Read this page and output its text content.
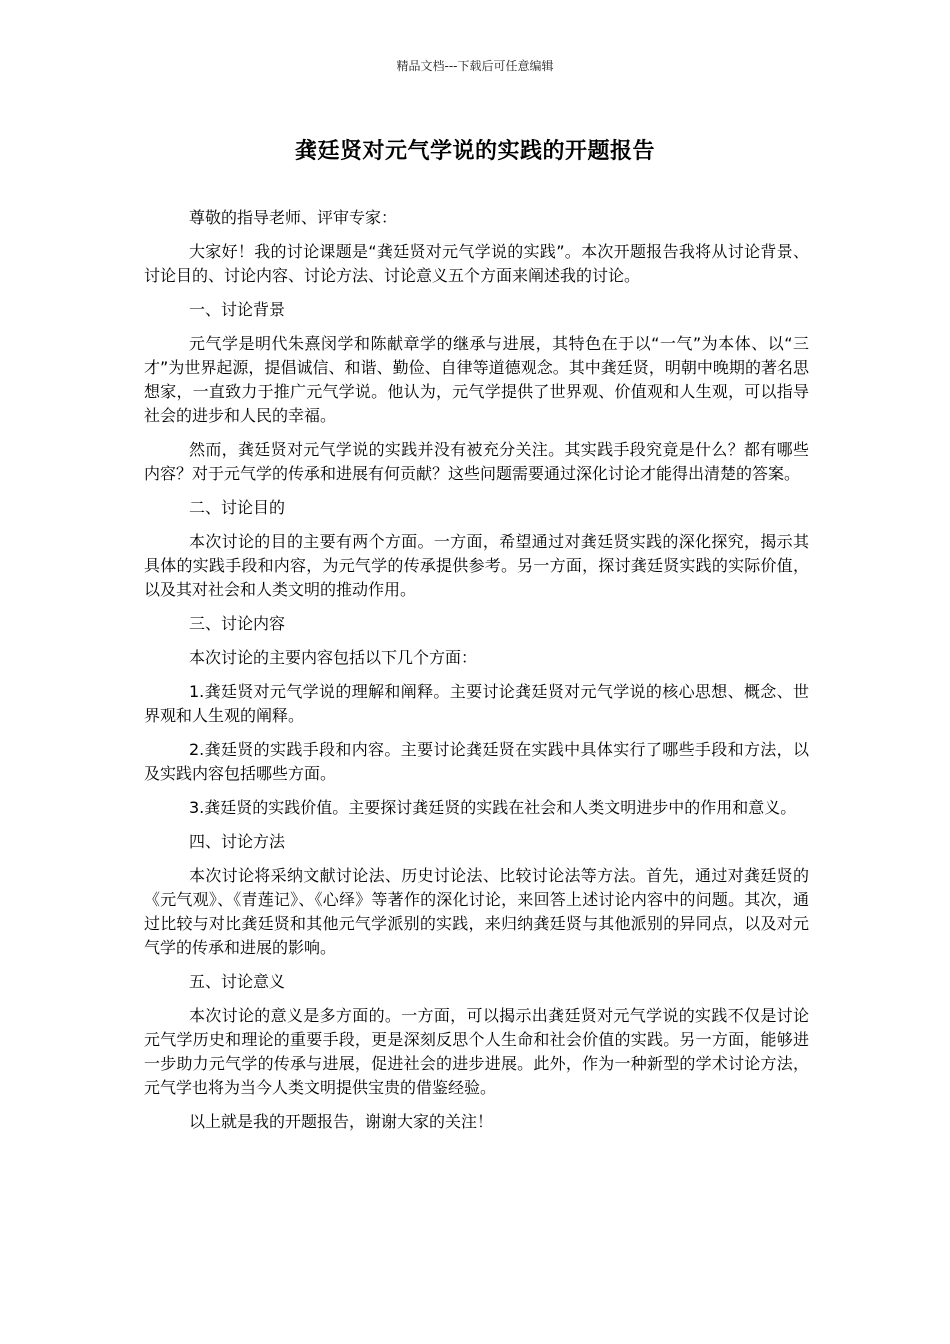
精品文档---下载后可任意编辑
龚廷贤对元气学说的实践的开题报告

尊敬的指导老师、评审专家：

大家好！我的讨论课题是“龚廷贤对元气学说的实践”。本次开题报告我将从讨论背景、讨论目的、讨论内容、讨论方法、讨论意义五个方面来阐述我的讨论。

一、讨论背景

元气学是明代朱熹闵学和陈献章学的继承与进展，其特色在于以“一气”为本体、以“三才”为世界起源，提倡诚信、和谐、勤俭、自律等道德观念。其中龚廷贤，明朝中晚期的著名思想家，一直致力于推广元气学说。他认为，元气学提供了世界观、价值观和人生观，可以指导社会的进步和人民的幸福。

然而，龚廷贤对元气学说的实践并没有被充分关注。其实践手段究竟是什么？都有哪些内容？对于元气学的传承和进展有何贡献？这些问题需要通过深化讨论才能得出清楚的答案。

二、讨论目的

本次讨论的目的主要有两个方面。一方面，希望通过对龚廷贤实践的深化探究，揭示其具体的实践手段和内容，为元气学的传承提供参考。另一方面，探讨龚廷贤实践的实际价值，以及其对社会和人类文明的推动作用。

三、讨论内容

本次讨论的主要内容包括以下几个方面：

1.龚廷贤对元气学说的理解和阐释。主要讨论龚廷贤对元气学说的核心思想、概念、世界观和人生观的阐释。

2.龚廷贤的实践手段和内容。主要讨论龚廷贤在实践中具体实行了哪些手段和方法，以及实践内容包括哪些方面。

3.龚廷贤的实践价值。主要探讨龚廷贤的实践在社会和人类文明进步中的作用和意义。

四、讨论方法

本次讨论将采纳文献讨论法、历史讨论法、比较讨论法等方法。首先，通过对龚廷贤的《元气观》、《青莲记》、《心绎》等著作的深化讨论，来回答上述讨论内容中的问题。其次，通过比较与对比龚廷贤和其他元气学派别的实践，来归纳龚廷贤与其他派别的异同点，以及对元气学的传承和进展的影响。

五、讨论意义

本次讨论的意义是多方面的。一方面，可以揭示出龚廷贤对元气学说的实践不仅是讨论元气学历史和理论的重要手段，更是深刻反思个人生命和社会价值的实践。另一方面，能够进一步助力元气学的传承与进展，促进社会的进步进展。此外，作为一种新型的学术讨论方法，元气学也将为当今人类文明提供宝贵的借鉴经验。

以上就是我的开题报告，谢谢大家的关注！
